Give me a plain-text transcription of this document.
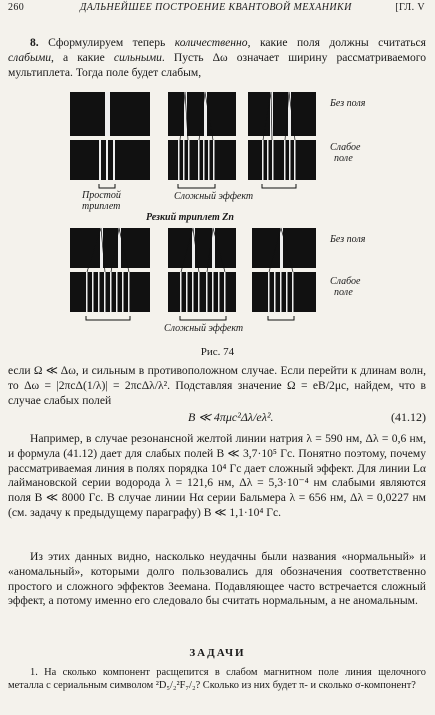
260	ДАЛЬНЕЙШЕЕ ПОСТРОЕНИЕ КВАНТОВОЙ МЕХАНИКИ	[ГЛ. V

8. Сформулируем теперь количественно, какие поля должны считаться слабыми, а какие сильными. Пусть Δω означает ширину рассматриваемого мультиплета. Тогда поле будет слабым,

Без поля
Слабое
поле
Простой
триплет
Сложный эффект
Резкий триплет Zn
Без поля
Слабое
поле
Сложный эффект
Рис. 74

если Ω ≪ Δω, и сильным в противоположном случае. Если перейти к длинам волн, то Δω = |2πcΔ(1/λ)| = 2πcΔλ/λ². Подставляя значение Ω = eB/2μc, найдем, что в случае слабых полей

B ≪ 4πμc²Δλ/eλ².	(41.12)

Например, в случае резонансной желтой линии натрия λ = 590 нм, Δλ = 0,6 нм, и формула (41.12) дает для слабых полей B ≪ 3,7·10⁵ Гс. Понятно поэтому, почему рассматриваемая линия в полях порядка 10⁴ Гс дает сложный эффект. Для линии Lα лаймановской серии водорода λ = 121,6 нм, Δλ = 5,3·10⁻⁴ нм слабыми являются поля B ≪ 8000 Гс. В случае линии Hα серии Бальмера λ = 656 нм, Δλ = 0,0227 нм (см. задачу к предыдущему параграфу) B ≪ 1,1·10⁴ Гс.

Из этих данных видно, насколько неудачны были названия «нормальный» и «аномальный», которыми долго пользовались для обозначения соответственно простого и сложного эффектов Зеемана. Подавляющее часто встречается сложный эффект, а потому именно его следовало бы считать нормальным, а не аномальным.

ЗАДАЧИ

1. На сколько компонент расщепится в слабом магнитном поле линия щелочного металла с сериальным символом ²D₅/₂²F₇/₂? Сколько из них будет π- и сколько σ-компонент?
